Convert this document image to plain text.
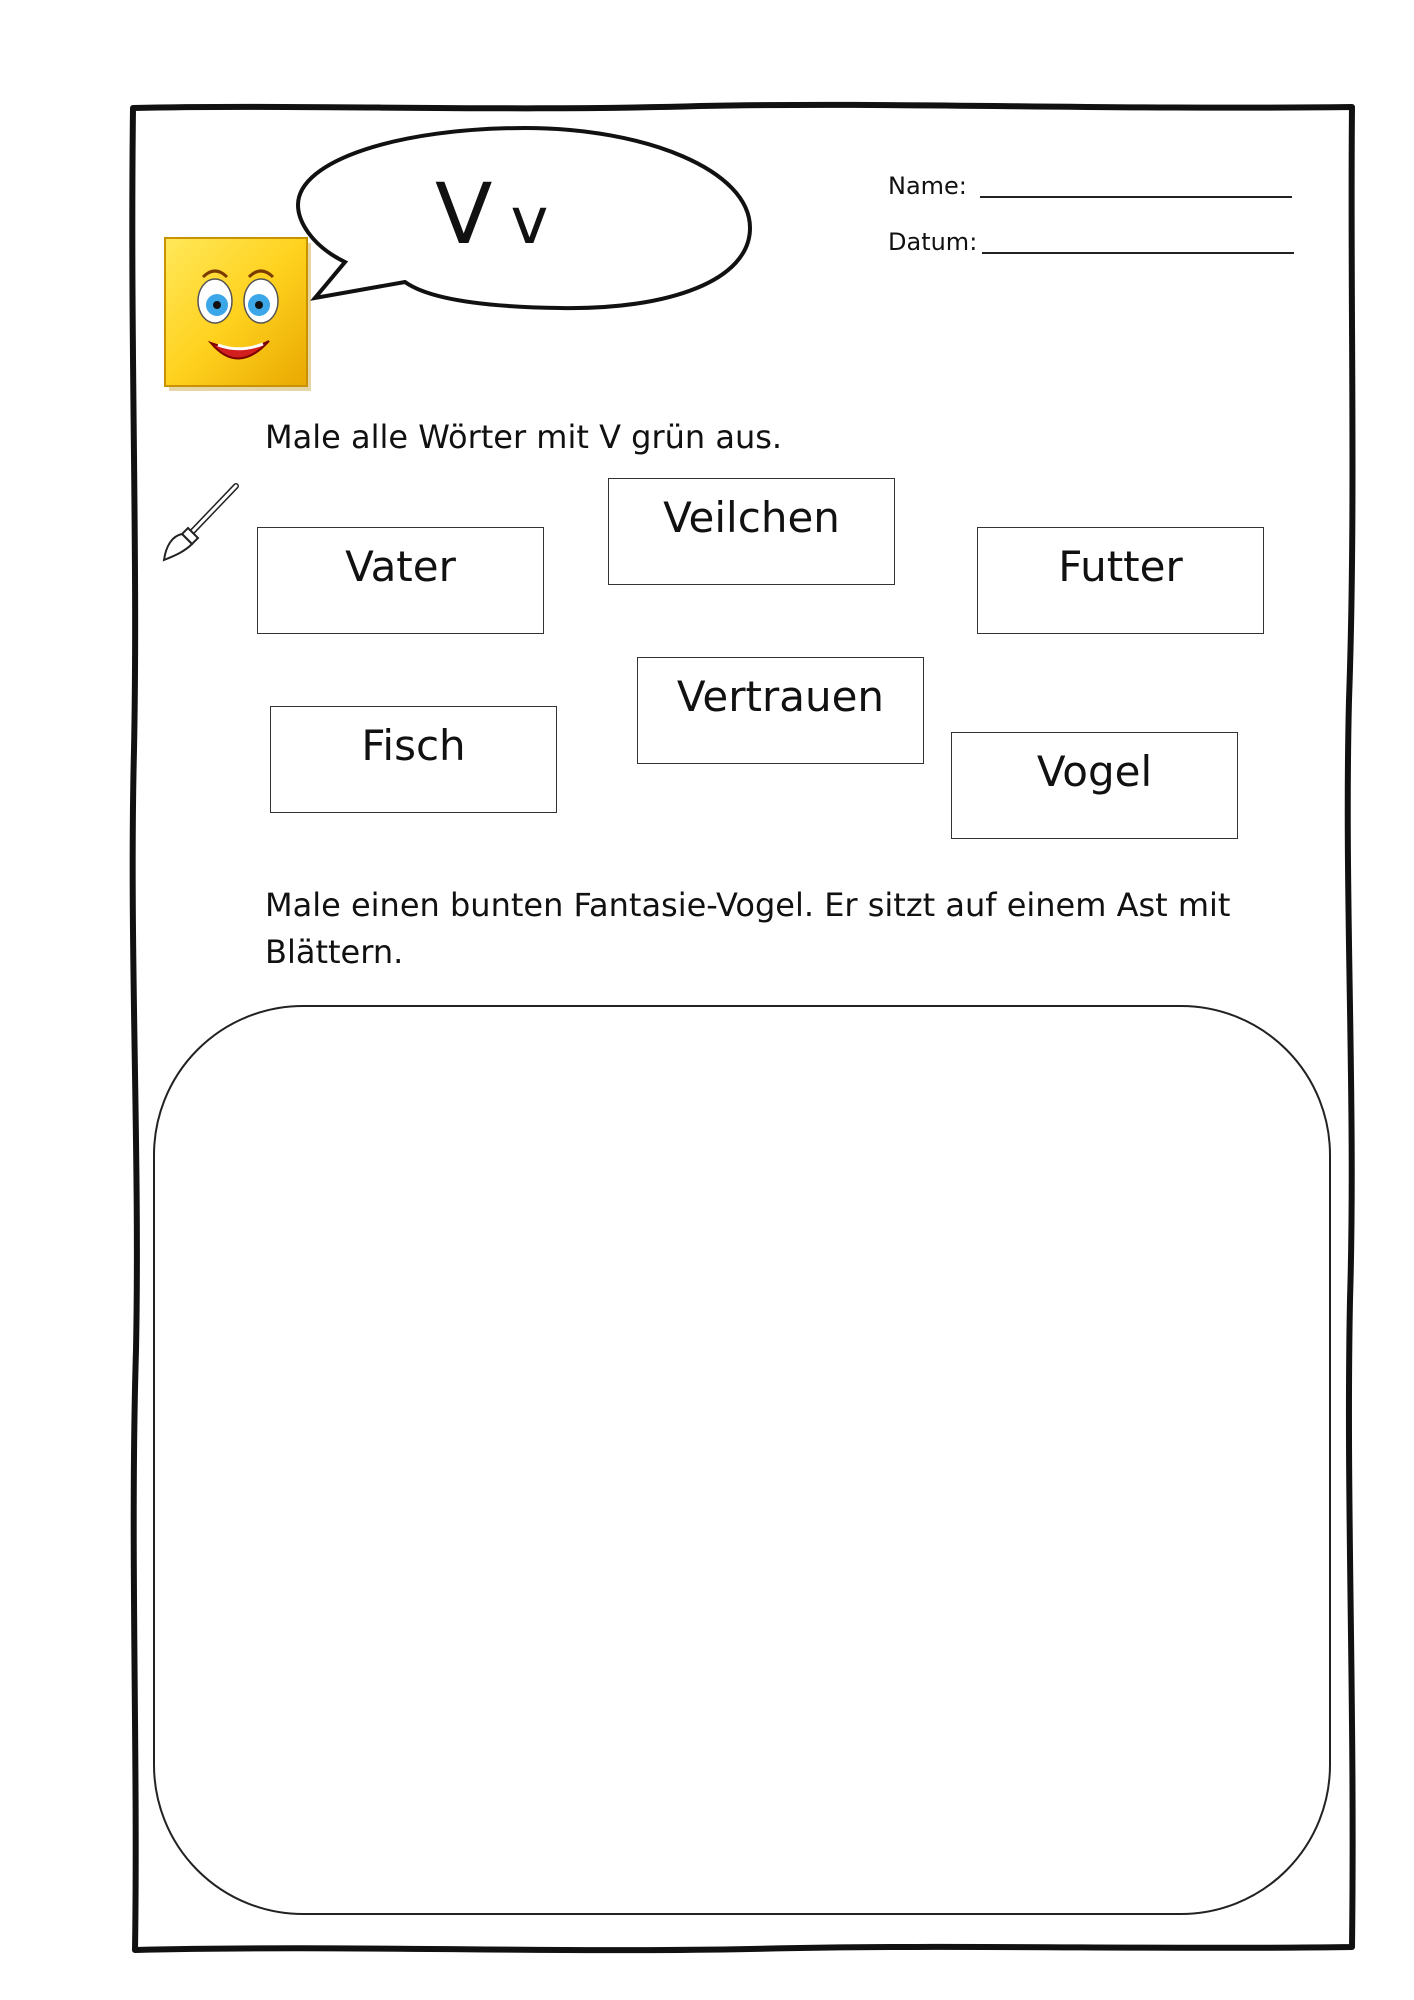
V v	Name:
Datum:
Male alle Wörter mit V grün aus.
Vater
Veilchen
Futter
Fisch
Vertrauen
Vogel
Male einen bunten Fantasie-Vogel. Er sitzt auf einem Ast mit
Blättern.
